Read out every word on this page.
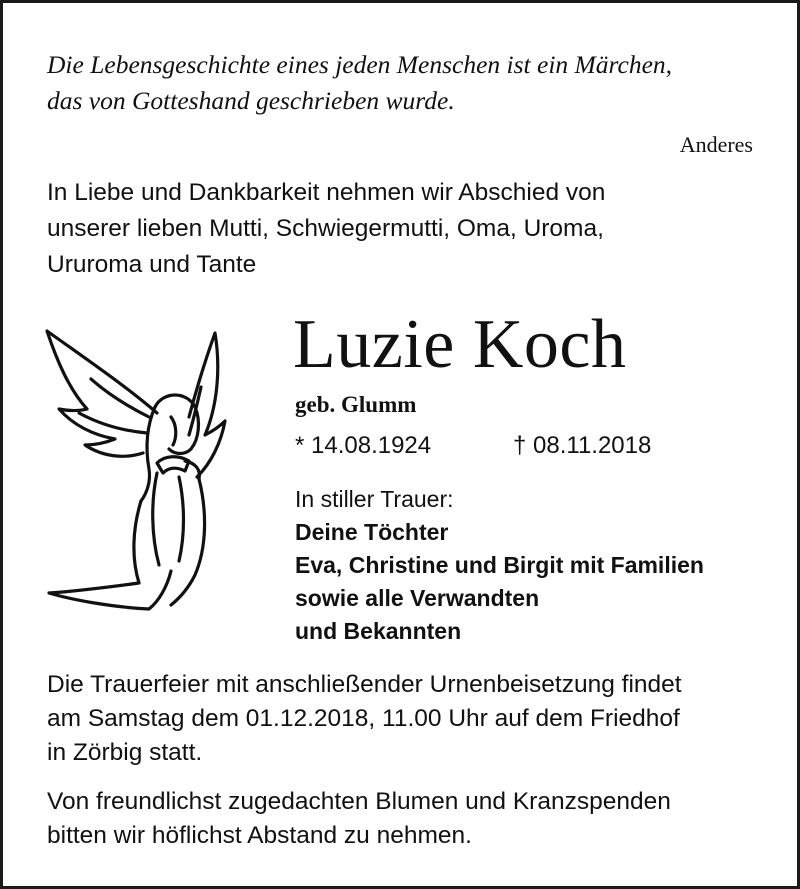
Die Lebensgeschichte eines jeden Menschen ist ein Märchen,
das von Gotteshand geschrieben wurde.
Anderes
In Liebe und Dankbarkeit nehmen wir Abschied von
unserer lieben Mutti, Schwiegermutti, Oma, Uroma,
Ururoma und Tante
Luzie Koch
geb. Glumm
* 14.08.1924	† 08.11.2018
In stiller Trauer:
Deine Töchter
Eva, Christine und Birgit mit Familien
sowie alle Verwandten
und Bekannten
Die Trauerfeier mit anschließender Urnenbeisetzung findet
am Samstag dem 01.12.2018, 11.00 Uhr auf dem Friedhof
in Zörbig statt.
Von freundlichst zugedachten Blumen und Kranzspenden
bitten wir höflichst Abstand zu nehmen.
